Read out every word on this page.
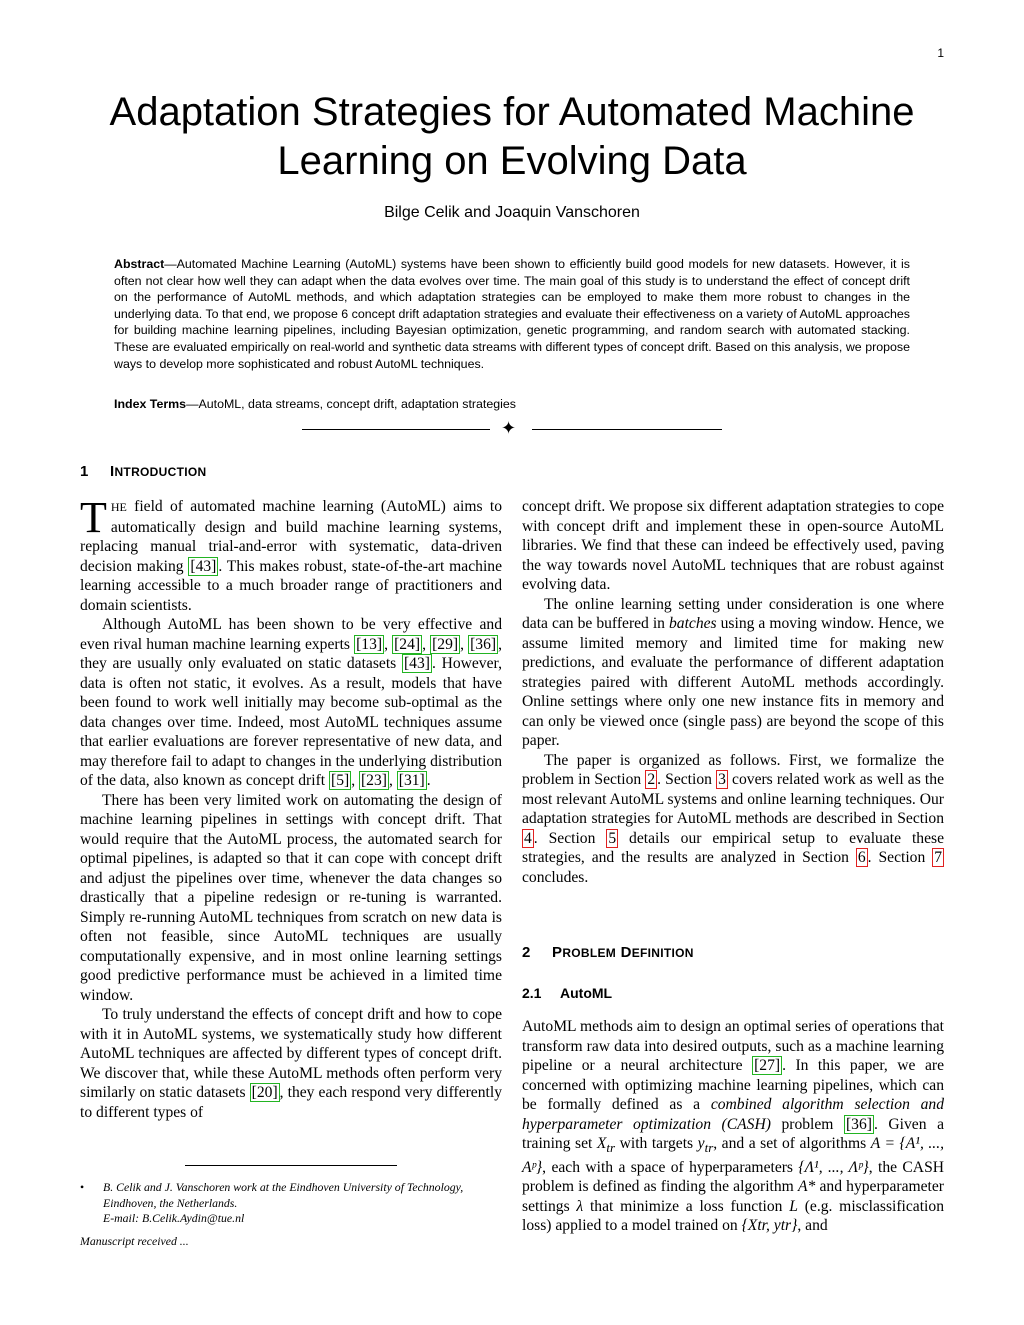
1
Adaptation Strategies for Automated Machine
Learning on Evolving Data
Bilge Celik and Joaquin Vanschoren

Abstract—Automated Machine Learning (AutoML) systems have been shown to efficiently build good models for new datasets. However, it is often not clear how well they can adapt when the data evolves over time. The main goal of this study is to understand the effect of concept drift on the performance of AutoML methods, and which adaptation strategies can be employed to make them more robust to changes in the underlying data. To that end, we propose 6 concept drift adaptation strategies and evaluate their effectiveness on a variety of AutoML approaches for building machine learning pipelines, including Bayesian optimization, genetic programming, and random search with automated stacking. These are evaluated empirically on real-world and synthetic data streams with different types of concept drift. Based on this analysis, we propose ways to develop more sophisticated and robust AutoML techniques.

Index Terms—AutoML, data streams, concept drift, adaptation strategies

✦
1 INTRODUCTION

THE field of automated machine learning (AutoML) aims to automatically design and build machine learning systems, replacing manual trial-and-error with systematic, data-driven decision making [43] . This makes robust, state-of-the-art machine learning accessible to a much broader range of practitioners and domain scientists.

Although AutoML has been shown to be very effective and even rival human machine learning experts [13] , [24] , [29] , [36] , they are usually only evaluated on static datasets [43] . However, data is often not static, it evolves. As a result, models that have been found to work well initially may become sub-optimal as the data changes over time. Indeed, most AutoML techniques assume that earlier evaluations are forever representative of new data, and may therefore fail to adapt to changes in the underlying distribution of the data, also known as concept drift [5] , [23] , [31] .

There has been very limited work on automating the design of machine learning pipelines in settings with concept drift. That would require that the AutoML process, the automated search for optimal pipelines, is adapted so that it can cope with concept drift and adjust the pipelines over time, whenever the data changes so drastically that a pipeline redesign or re-tuning is warranted. Simply re-running AutoML techniques from scratch on new data is often not feasible, since AutoML techniques are usually computationally expensive, and in most online learning settings good predictive performance must be achieved in a limited time window.

To truly understand the effects of concept drift and how to cope with it in AutoML systems, we systematically study how different AutoML techniques are affected by different types of concept drift. We discover that, while these AutoML methods often perform very similarly on static datasets [20] , they each respond very differently to different types of

concept drift. We propose six different adaptation strategies to cope with concept drift and implement these in open-source AutoML libraries. We find that these can indeed be effectively used, paving the way towards novel AutoML techniques that are robust against evolving data.

The online learning setting under consideration is one where data can be buffered in batches using a moving window. Hence, we assume limited memory and limited time for making new predictions, and evaluate the performance of different adaptation strategies paired with different AutoML methods accordingly. Online settings where only one new instance fits in memory and can only be viewed once (single pass) are beyond the scope of this paper.

The paper is organized as follows. First, we formalize the problem in Section 2 . Section 3 covers related work as well as the most relevant AutoML systems and online learning techniques. Our adaptation strategies for AutoML methods are described in Section 4 . Section 5 details our empirical setup to evaluate these strategies, and the results are analyzed in Section 6 . Section 7 concludes.

2 PROBLEM DEFINITION
2.1 AutoML

AutoML methods aim to design an optimal series of operations that transform raw data into desired outputs, such as a machine learning pipeline or a neural architecture [27] . In this paper, we are concerned with optimizing machine learning pipelines, which can be formally defined as a combined algorithm selection and hyperparameter optimization (CASH) problem [36] . Given a training set $X_{tr}$ with targets $y_{tr}$, and a set of algorithms A = {A¹, ..., Aᵖ}, each with a space of hyperparameters {Λ¹, ..., Λᵖ}, the CASH problem is defined as finding the algorithm A* and hyperparameter settings λ that minimize a loss function L (e.g. misclassification loss) applied to a model trained on {Xtr, ytr}, and

• B. Celik and J. Vanschoren work at the Eindhoven University of Technology, Eindhoven, the Netherlands.
E-mail: B.Celik.Aydin@tue.nl
Manuscript received ...
